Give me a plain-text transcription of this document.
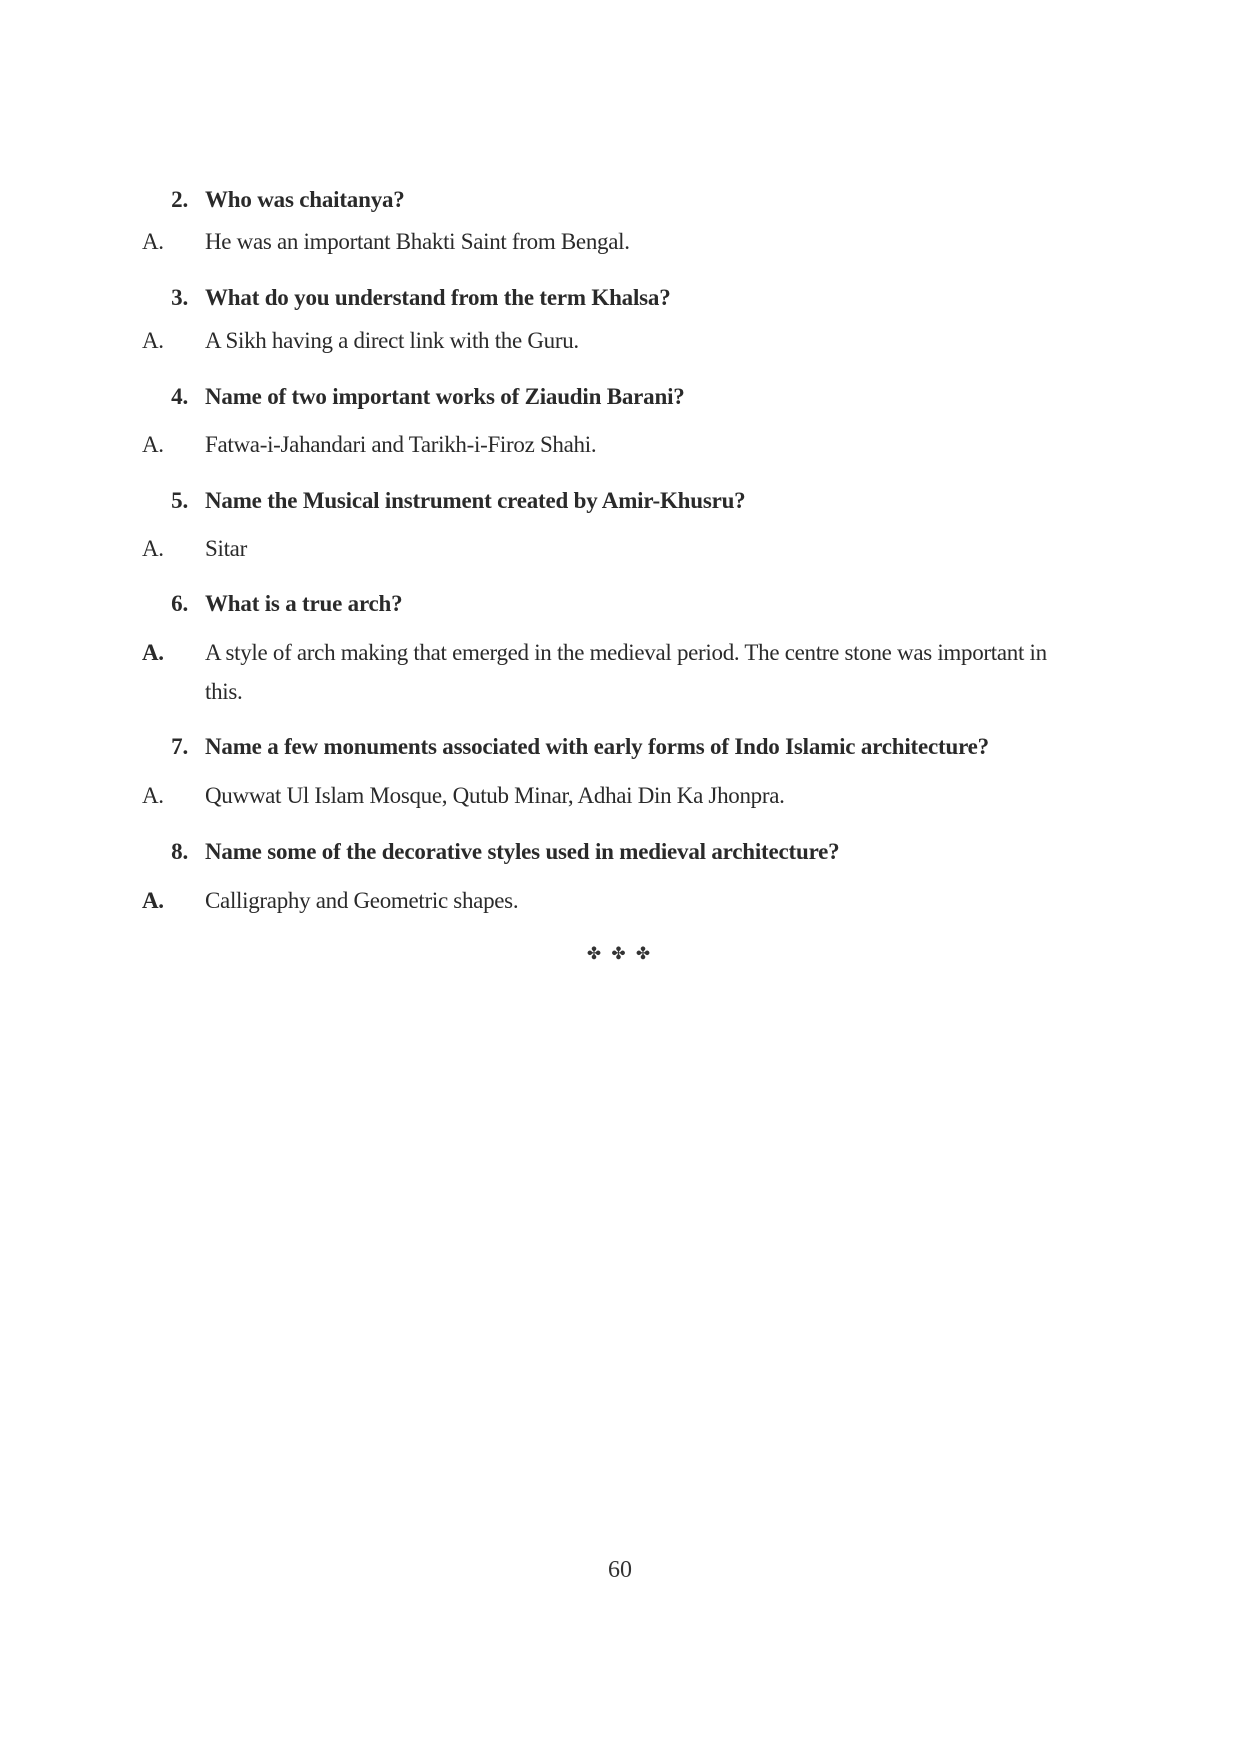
2. Who was chaitanya?
A.	He was an important Bhakti Saint from Bengal.
3. What do you understand from the term Khalsa?
A.	A Sikh having a direct link with the Guru.
4. Name of two important works of Ziaudin Barani?
A.	Fatwa-i-Jahandari and Tarikh-i-Firoz Shahi.
5. Name the Musical instrument created by Amir-Khusru?
A.	Sitar
6. What is a true arch?
A.	A style of arch making that emerged in the medieval period. The centre stone was important in
this.
7. Name a few monuments associated with early forms of Indo Islamic architecture?
A.	Quwwat Ul Islam Mosque, Qutub Minar, Adhai Din Ka Jhonpra.
8. Name some of the decorative styles used in medieval architecture?
A.	Calligraphy and Geometric shapes.
✤ ✤ ✤
60
